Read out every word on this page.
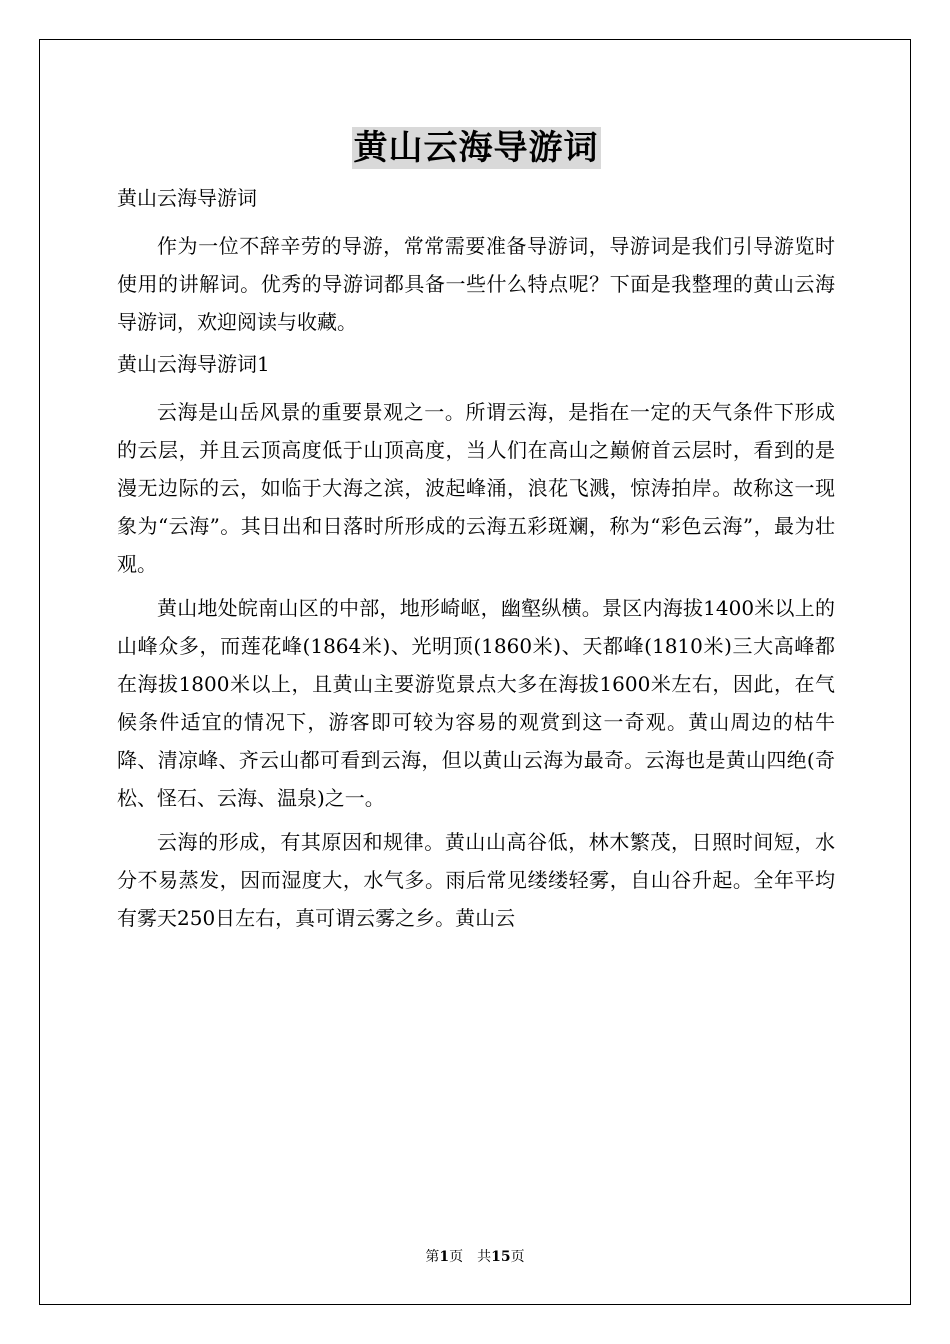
黄山云海导游词
黄山云海导游词

作为一位不辞辛劳的导游，常常需要准备导游词，导游词是我们引导游览时使用的讲解词。优秀的导游词都具备一些什么特点呢？下面是我整理的黄山云海导游词，欢迎阅读与收藏。

黄山云海导游词1

云海是山岳风景的重要景观之一。所谓云海，是指在一定的天气条件下形成的云层，并且云顶高度低于山顶高度，当人们在高山之巅俯首云层时，看到的是漫无边际的云，如临于大海之滨，波起峰涌，浪花飞溅，惊涛拍岸。故称这一现象为“云海”。其日出和日落时所形成的云海五彩斑斓，称为“彩色云海”，最为壮观。

黄山地处皖南山区的中部，地形崎岖，幽壑纵横。景区内海拔1400米以上的山峰众多，而莲花峰(1864米)、光明顶(1860米)、天都峰(1810米)三大高峰都在海拔1800米以上，且黄山主要游览景点大多在海拔1600米左右，因此，在气候条件适宜的情况下，游客即可较为容易的观赏到这一奇观。黄山周边的枯牛降、清凉峰、齐云山都可看到云海，但以黄山云海为最奇。云海也是黄山四绝(奇松、怪石、云海、温泉)之一。

云海的形成，有其原因和规律。黄山山高谷低，林木繁茂，日照时间短，水分不易蒸发，因而湿度大，水气多。雨后常见缕缕轻雾，自山谷升起。全年平均有雾天250日左右，真可谓云雾之乡。黄山云

第1页　共15页
